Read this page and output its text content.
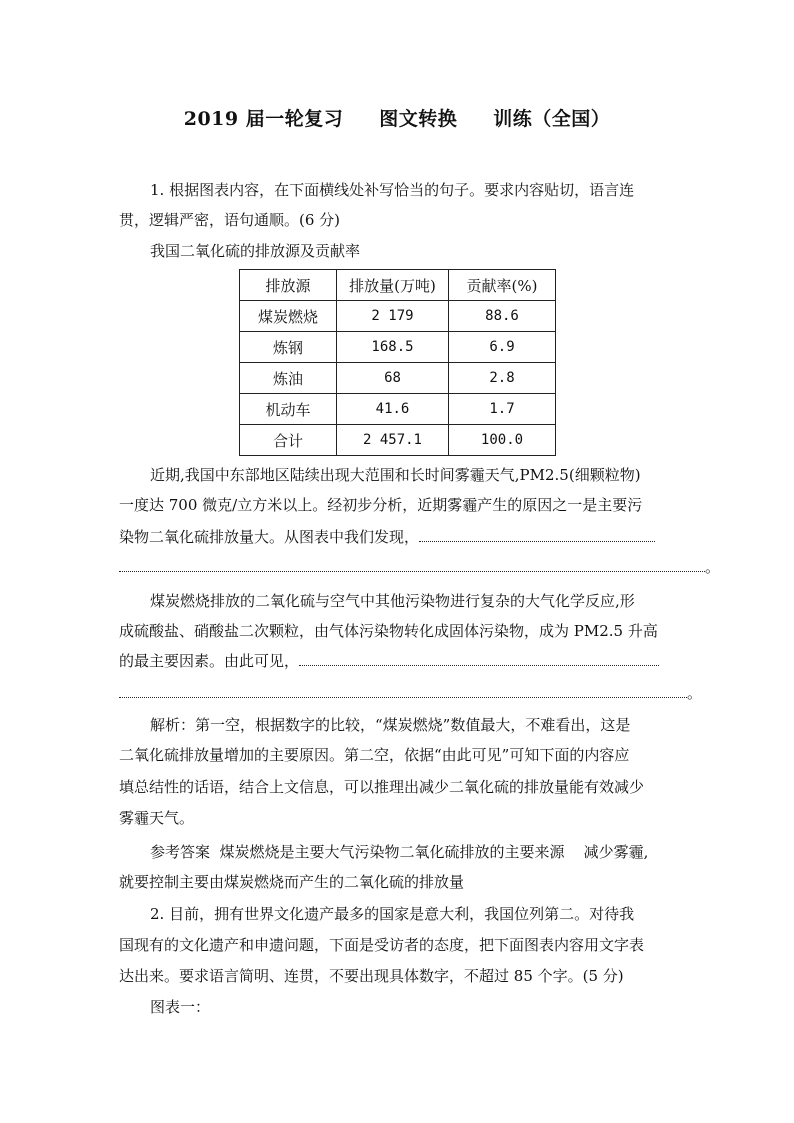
2019 届一轮复习 图文转换 训练（全国）
1. 根据图表内容，在下面横线处补写恰当的句子。要求内容贴切，语言连
贯，逻辑严密，语句通顺。(6 分)
我国二氧化硫的排放源及贡献率
排放源	排放量(万吨)	贡献率(%)
煤炭燃烧	2 179	88.6
炼钢	168.5	6.9
炼油	68	2.8
机动车	41.6	1.7
合计	2 457.1	100.0
近期,我国中东部地区陆续出现大范围和长时间雾霾天气,PM2.5(细颗粒物)
一度达 700 微克/立方米以上。经初步分析，近期雾霾产生的原因之一是主要污
染物二氧化硫排放量大。从图表中我们发现，
。
煤炭燃烧排放的二氧化硫与空气中其他污染物进行复杂的大气化学反应,形
成硫酸盐、硝酸盐二次颗粒，由气体污染物转化成固体污染物，成为 PM2.5 升高
的最主要因素。由此可见，
。
解析：第一空，根据数字的比较，“煤炭燃烧”数值最大，不难看出，这是
二氧化硫排放量增加的主要原因。第二空，依据“由此可见”可知下面的内容应
填总结性的话语，结合上文信息，可以推理出减少二氧化硫的排放量能有效减少
雾霾天气。
参考答案  煤炭燃烧是主要大气污染物二氧化硫排放的主要来源    减少雾霾,
就要控制主要由煤炭燃烧而产生的二氧化硫的排放量
2. 目前，拥有世界文化遗产最多的国家是意大利，我国位列第二。对待我
国现有的文化遗产和申遗问题，下面是受访者的态度，把下面图表内容用文字表
达出来。要求语言简明、连贯，不要出现具体数字，不超过 85 个字。(5 分)
图表一：
